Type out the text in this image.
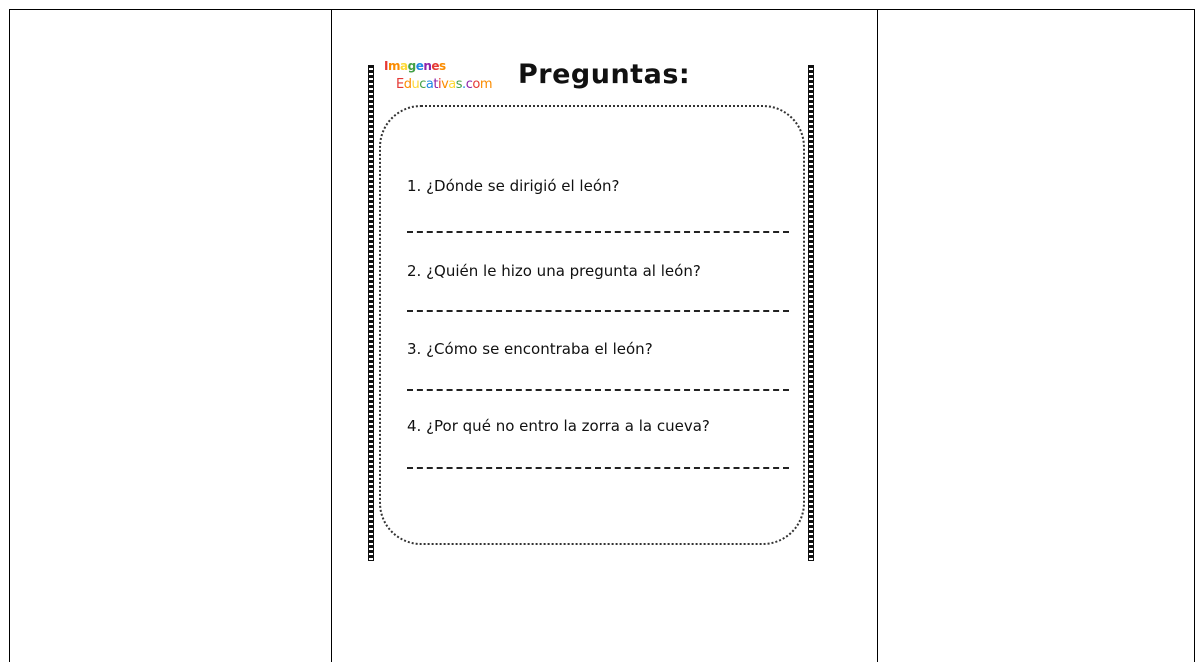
Imagenes
Educativas.com Preguntas:
1. ¿Dónde se dirigió el león?
2. ¿Quién le hizo una pregunta al león?
3. ¿Cómo se encontraba el león?
4. ¿Por qué no entro la zorra a la cueva?
